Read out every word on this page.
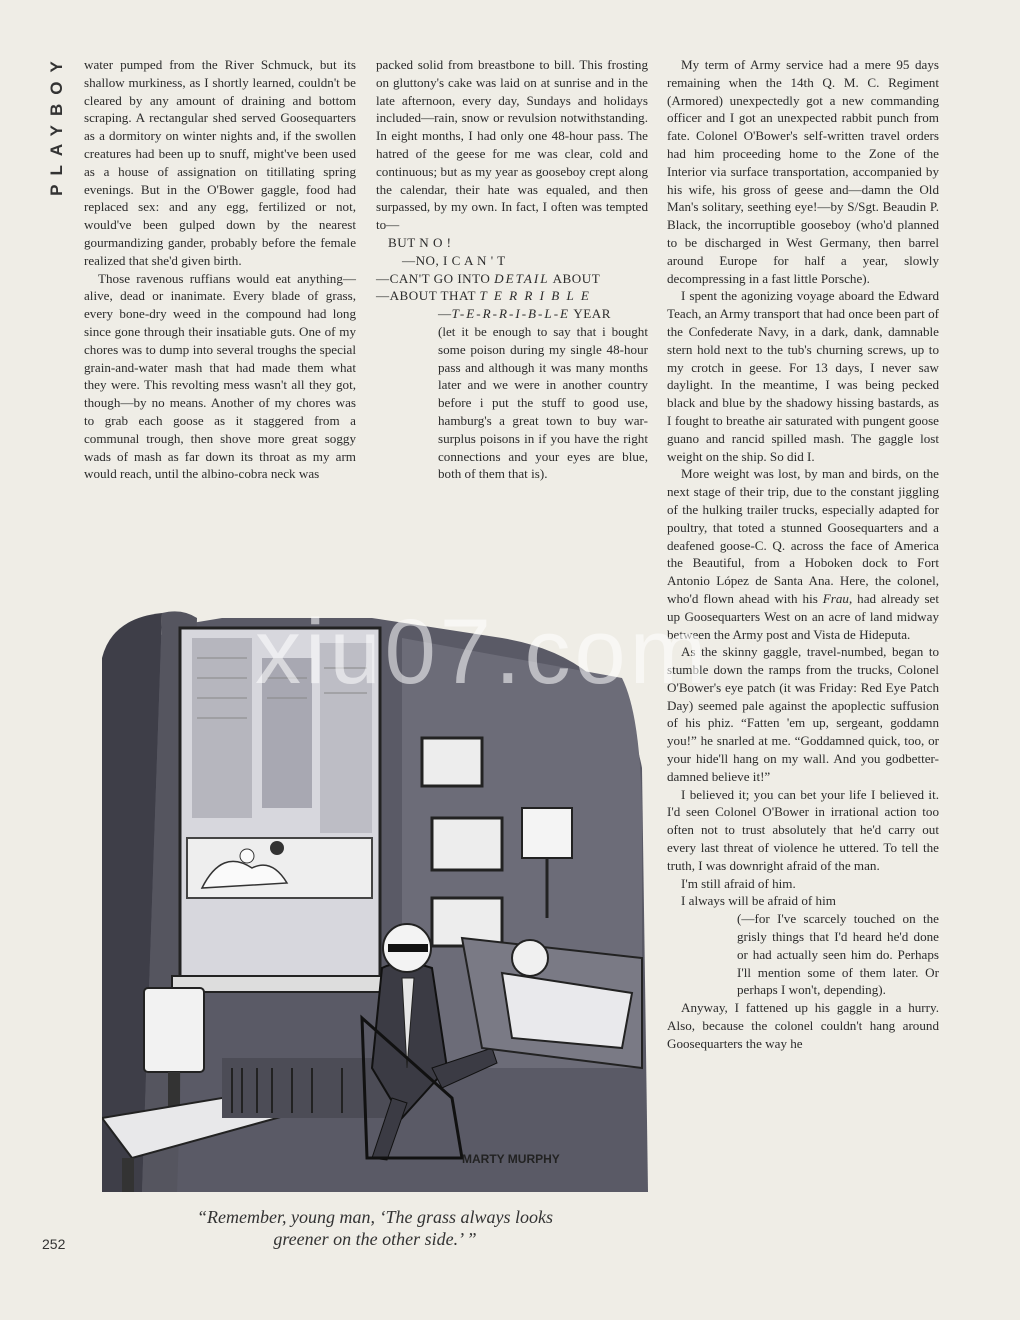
PLAYBOY water pumped from the River Schmuck, but its shallow murkiness, as I shortly learned, couldn't be cleared by any amount of draining and bottom scraping. A rectangular shed served Goosequarters as a dormitory on winter nights and, if the swollen creatures had been up to snuff, might've been used as a house of assignation on titillating spring evenings. But in the O'Bower gaggle, food had replaced sex: and any egg, fertilized or not, would've been gulped down by the nearest gourmandizing gander, probably before the female realized that she'd given birth.

Those ravenous ruffians would eat anything—alive, dead or inanimate. Every blade of grass, every bone-dry weed in the compound had long since gone through their insatiable guts. One of my chores was to dump into several troughs the special grain-and-water mash that had made them what they were. This revolting mess wasn't all they got, though—by no means. Another of my chores was to grab each goose as it staggered from a communal trough, then shove more great soggy wads of mash as far down its throat as my arm would reach, until the albino-cobra neck was

packed solid from breastbone to bill. This frosting on gluttony's cake was laid on at sunrise and in the late afternoon, every day, Sundays and holidays included—rain, snow or revulsion notwithstanding. In eight months, I had only one 48-hour pass. The hatred of the geese for me was clear, cold and continuous; but as my year as gooseboy crept along the calendar, their hate was equaled, and then surpassed, by my own. In fact, I often was tempted to—

BUT N O !
—NO, I C A N ' T
—CAN'T GO INTO DETAIL ABOUT
—ABOUT THAT T E R R I B L E
—T-E-R-R-I-B-L-E YEAR

(let it be enough to say that i bought some poison during my single 48-hour pass and although it was many months later and we were in another country before i put the stuff to good use, hamburg's a great town to buy war-surplus poisons in if you have the right connections and your eyes are blue, both of them that is).

My term of Army service had a mere 95 days remaining when the 14th Q. M. C. Regiment (Armored) unexpectedly got a new commanding officer and I got an unexpected rabbit punch from fate. Colonel O'Bower's self-written travel orders had him proceeding home to the Zone of the Interior via surface transportation, accompanied by his wife, his gross of geese and—damn the Old Man's solitary, seething eye!—by S/Sgt. Beaudin P. Black, the incorruptible gooseboy (who'd planned to be discharged in West Germany, then barrel around Europe for half a year, slowly decompressing in a fast little Porsche).

I spent the agonizing voyage aboard the Edward Teach, an Army transport that had once been part of the Confederate Navy, in a dark, dank, damnable stern hold next to the tub's churning screws, up to my crotch in geese. For 13 days, I never saw daylight. In the meantime, I was being pecked black and blue by the shadowy hissing bastards, as I fought to breathe air saturated with pungent goose guano and rancid spilled mash. The gaggle lost weight on the ship. So did I.

More weight was lost, by man and birds, on the next stage of their trip, due to the constant jiggling of the hulking trailer trucks, especially adapted for poultry, that toted a stunned Goosequarters and a deafened goose-C. Q. across the face of America the Beautiful, from a Hoboken dock to Fort Antonio López de Santa Ana. Here, the colonel, who'd flown ahead with his Frau, had already set up Goosequarters West on an acre of land midway between the Army post and Vista de Hideputa.

As the skinny gaggle, travel-numbed, began to stumble down the ramps from the trucks, Colonel O'Bower's eye patch (it was Friday: Red Eye Patch Day) seemed pale against the apoplectic suffusion of his phiz. “Fatten 'em up, sergeant, goddamn you!” he snarled at me. “Goddamned quick, too, or your hide'll hang on my wall. And you godbetter-damned believe it!”

I believed it; you can bet your life I believed it. I'd seen Colonel O'Bower in irrational action too often not to trust absolutely that he'd carry out every last threat of violence he uttered. To tell the truth, I was downright afraid of the man.

I'm still afraid of him.

I always will be afraid of him

(—for I've scarcely touched on the grisly things that I'd heard he'd done or had actually seen him do. Perhaps I'll mention some of them later. Or perhaps I won't, depending).

Anyway, I fattened up his gaggle in a hurry. Also, because the colonel couldn't hang around Goosequarters the way he

MARTY MURPHY
“Remember, young man, ‘The grass always looks
greener on the other side.’ ”
252
xiu07.com
